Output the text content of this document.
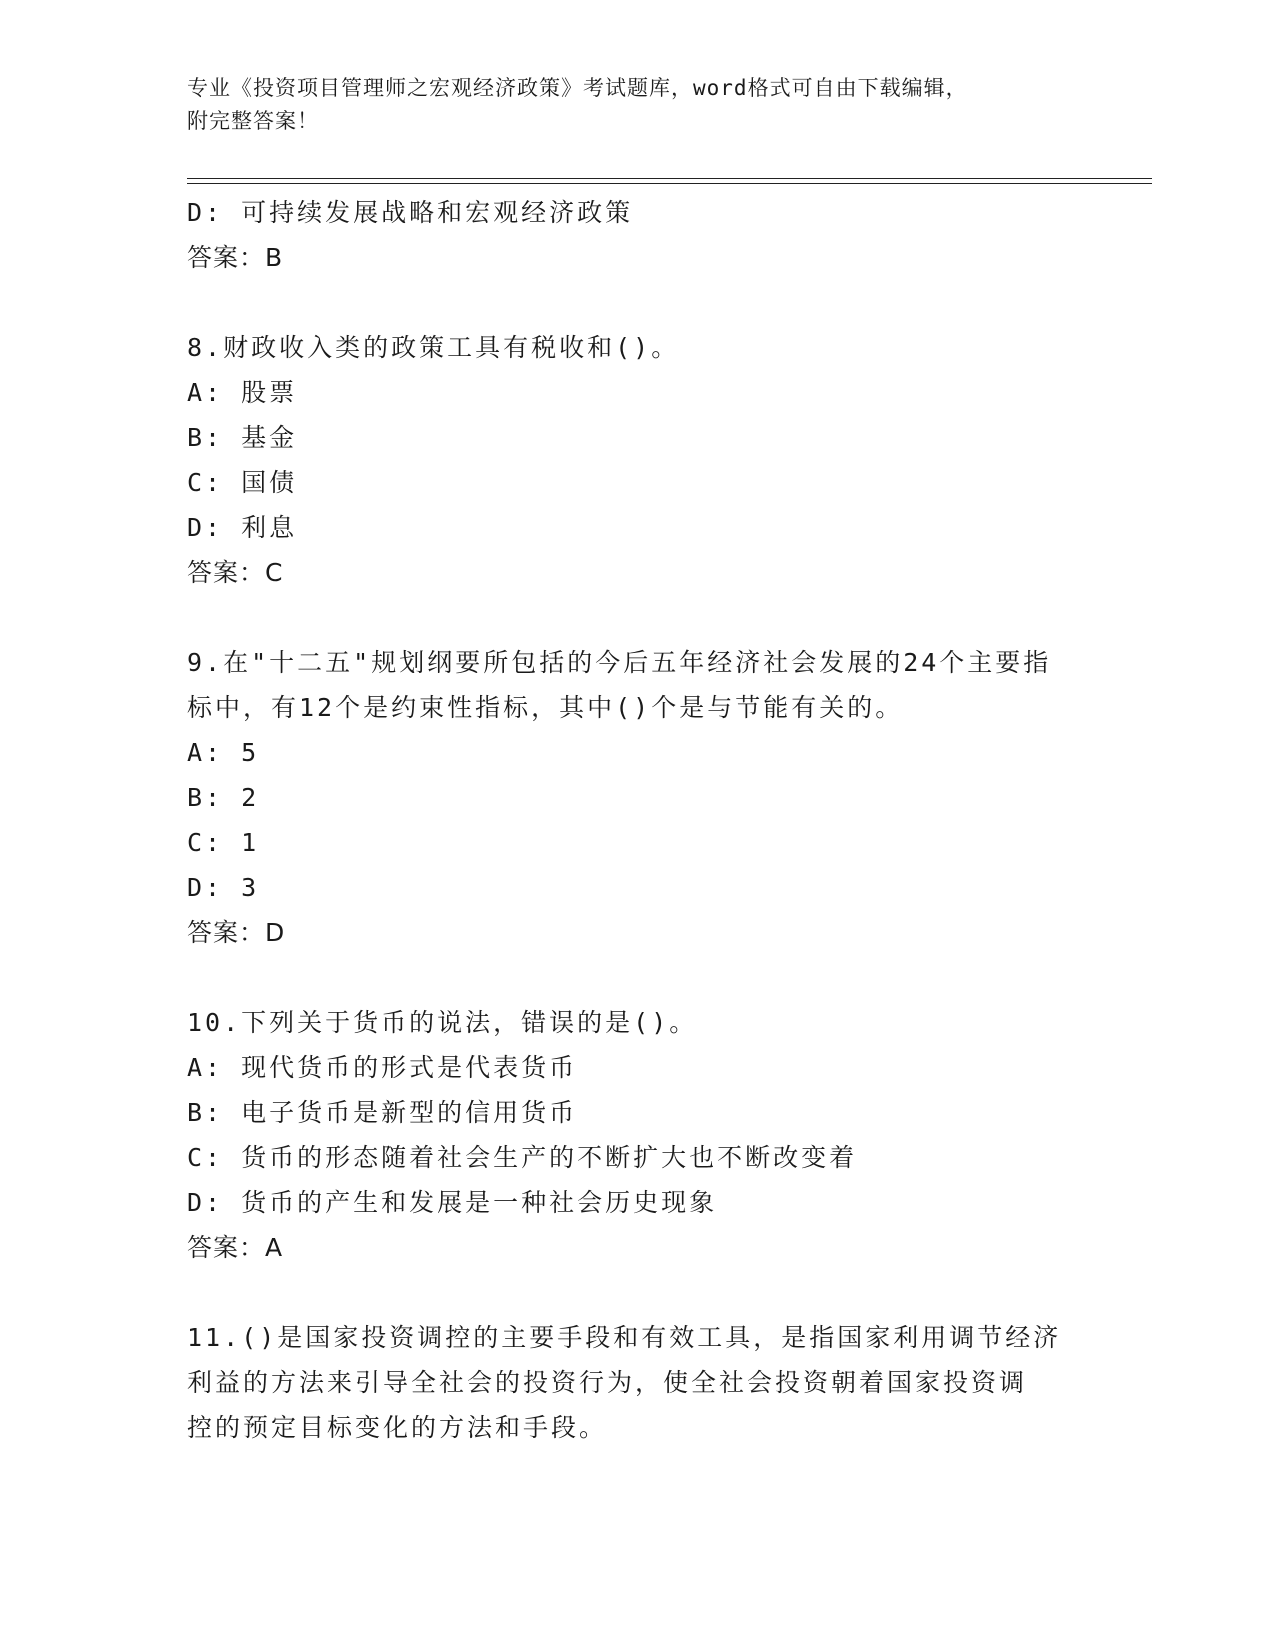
专业《投资项目管理师之宏观经济政策》考试题库，word格式可自由下载编辑，
附完整答案！
D: 可持续发展战略和宏观经济政策
答案：B
8.财政收入类的政策工具有税收和()。
A: 股票
B: 基金
C: 国债
D: 利息
答案：C
9.在"十二五"规划纲要所包括的今后五年经济社会发展的24个主要指
标中，有12个是约束性指标，其中()个是与节能有关的。
A: 5
B: 2
C: 1
D: 3
答案：D
10.下列关于货币的说法，错误的是()。
A: 现代货币的形式是代表货币
B: 电子货币是新型的信用货币
C: 货币的形态随着社会生产的不断扩大也不断改变着
D: 货币的产生和发展是一种社会历史现象
答案：A
11.()是国家投资调控的主要手段和有效工具，是指国家利用调节经济
利益的方法来引导全社会的投资行为，使全社会投资朝着国家投资调
控的预定目标变化的方法和手段。
